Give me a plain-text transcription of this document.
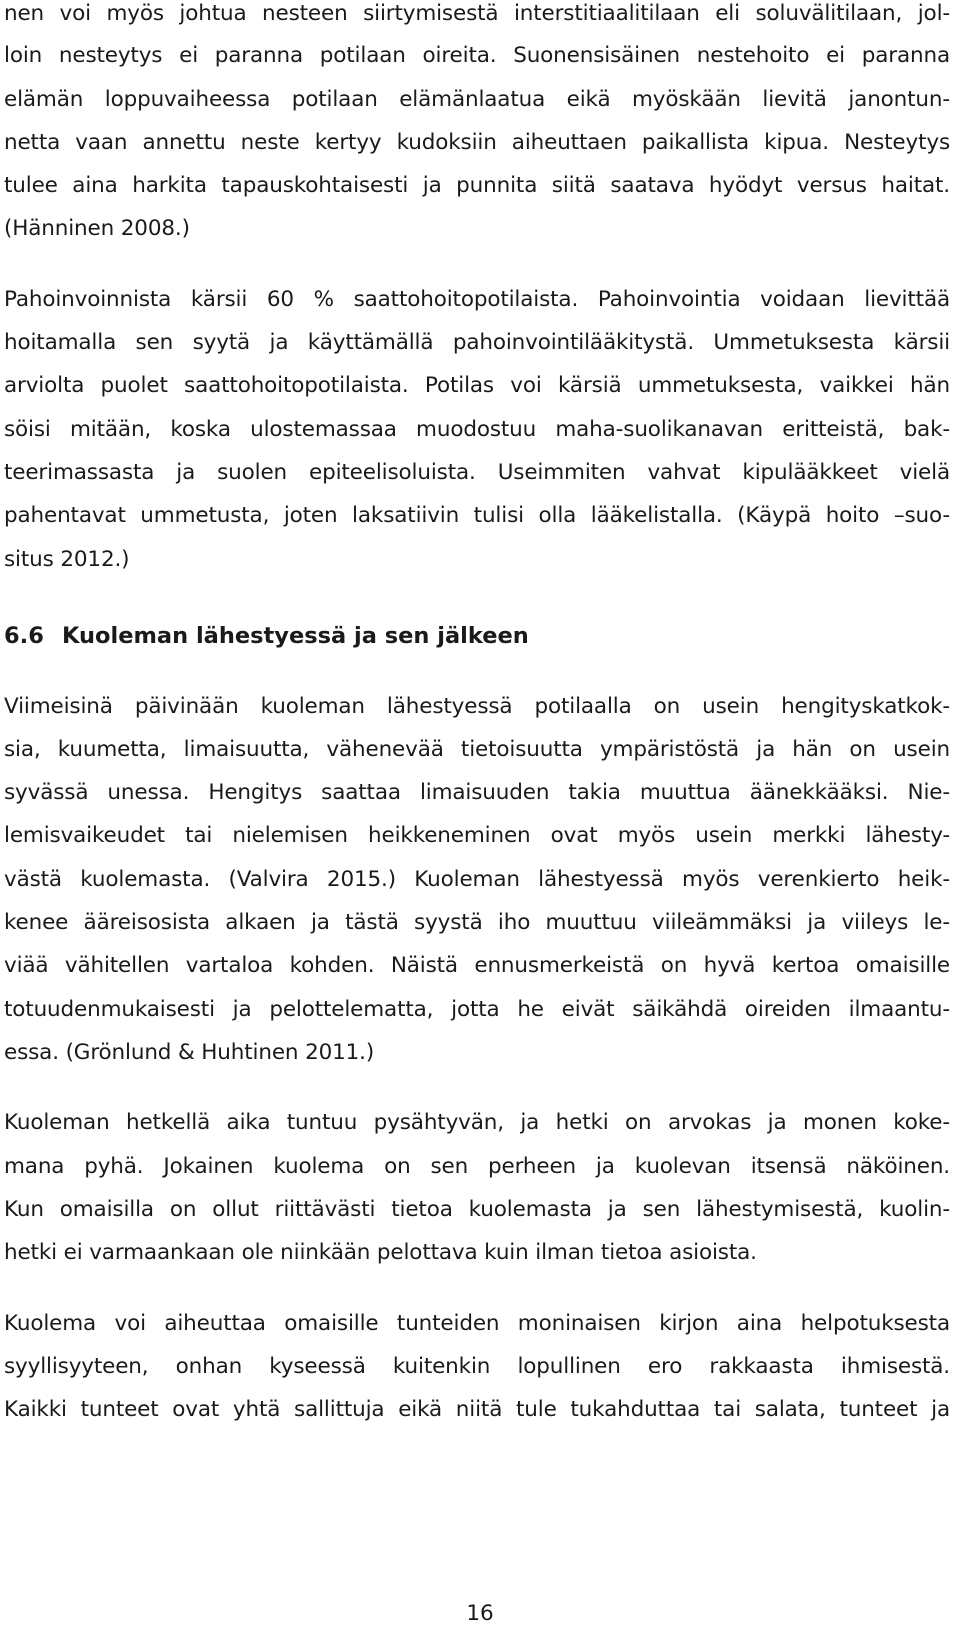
nen voi myös johtua nesteen siirtymisestä interstitiaalitilaan eli soluvälitilaan, jol-
loin nesteytys ei paranna potilaan oireita. Suonensisäinen nestehoito ei paranna
elämän loppuvaiheessa potilaan elämänlaatua eikä myöskään lievitä janontun-
netta vaan annettu neste kertyy kudoksiin aiheuttaen paikallista kipua. Nesteytys
tulee aina harkita tapauskohtaisesti ja punnita siitä saatava hyödyt versus haitat.
(Hänninen 2008.)
Pahoinvoinnista kärsii 60 % saattohoitopotilaista. Pahoinvointia voidaan lievittää
hoitamalla sen syytä ja käyttämällä pahoinvointilääkitystä. Ummetuksesta kärsii
arviolta puolet saattohoitopotilaista. Potilas voi kärsiä ummetuksesta, vaikkei hän
söisi mitään, koska ulostemassaa muodostuu maha-suolikanavan eritteistä, bak-
teerimassasta ja suolen epiteelisoluista. Useimmiten vahvat kipulääkkeet vielä
pahentavat ummetusta, joten laksatiivin tulisi olla lääkelistalla. (Käypä hoito –suo-
situs 2012.)
6.6 Kuoleman lähestyessä ja sen jälkeen
Viimeisinä päivinään kuoleman lähestyessä potilaalla on usein hengityskatkok-
sia, kuumetta, limaisuutta, vähenevää tietoisuutta ympäristöstä ja hän on usein
syvässä unessa. Hengitys saattaa limaisuuden takia muuttua äänekkääksi. Nie-
lemisvaikeudet tai nielemisen heikkeneminen ovat myös usein merkki lähesty-
västä kuolemasta. (Valvira 2015.) Kuoleman lähestyessä myös verenkierto heik-
kenee ääreisosista alkaen ja tästä syystä iho muuttuu viileämmäksi ja viileys le-
viää vähitellen vartaloa kohden. Näistä ennusmerkeistä on hyvä kertoa omaisille
totuudenmukaisesti ja pelottelematta, jotta he eivät säikähdä oireiden ilmaantu-
essa. (Grönlund & Huhtinen 2011.)
Kuoleman hetkellä aika tuntuu pysähtyvän, ja hetki on arvokas ja monen koke-
mana pyhä. Jokainen kuolema on sen perheen ja kuolevan itsensä näköinen.
Kun omaisilla on ollut riittävästi tietoa kuolemasta ja sen lähestymisestä, kuolin-
hetki ei varmaankaan ole niinkään pelottava kuin ilman tietoa asioista.
Kuolema voi aiheuttaa omaisille tunteiden moninaisen kirjon aina helpotuksesta
syyllisyyteen, onhan kyseessä kuitenkin lopullinen ero rakkaasta ihmisestä.
Kaikki tunteet ovat yhtä sallittuja eikä niitä tule tukahduttaa tai salata, tunteet ja
16
